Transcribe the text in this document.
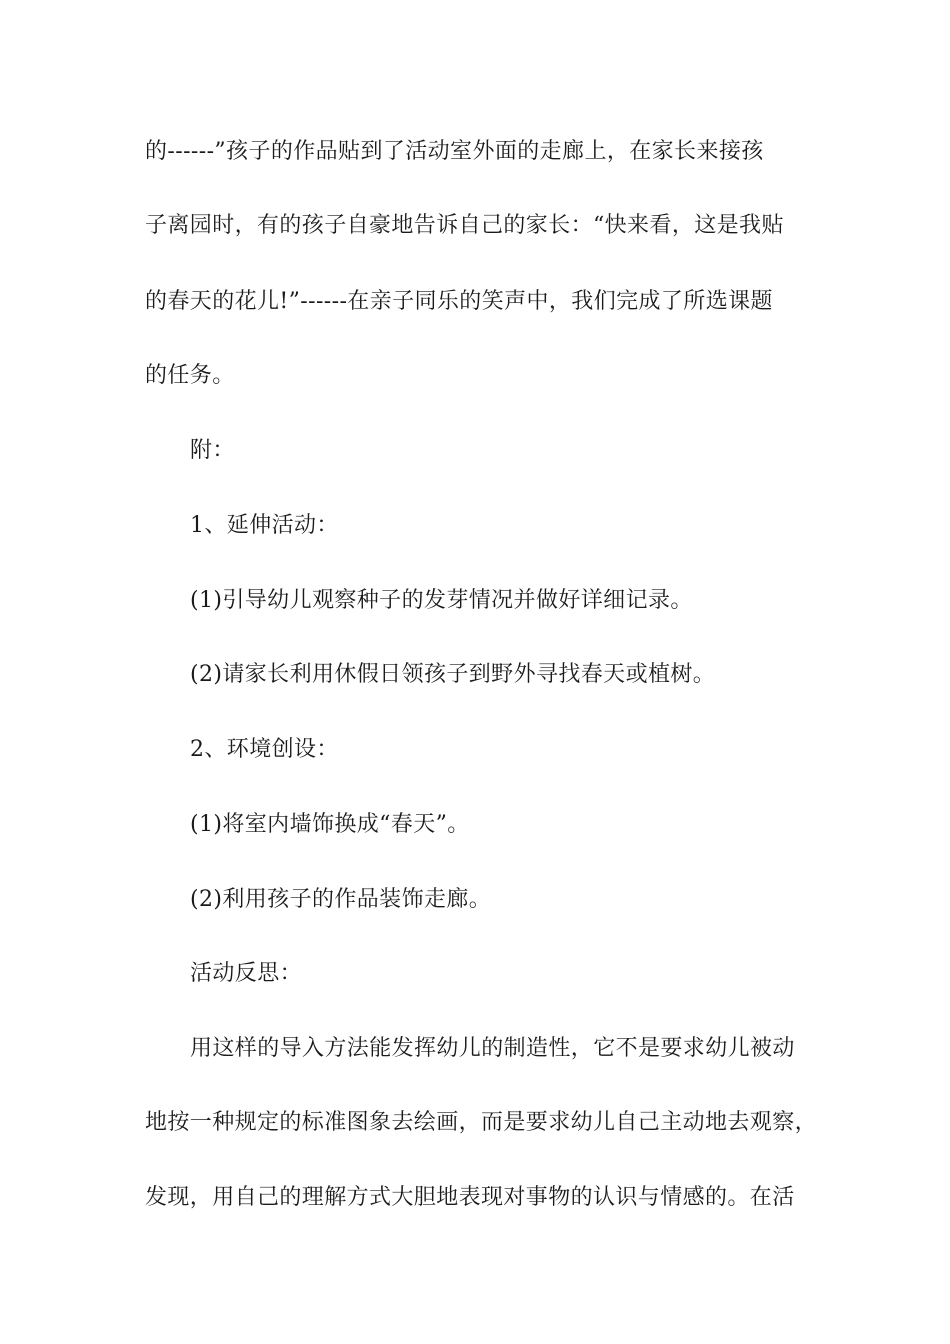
的------”孩子的作品贴到了活动室外面的走廊上，在家长来接孩
子离园时，有的孩子自豪地告诉自己的家长：“快来看，这是我贴
的春天的花儿!”------在亲子同乐的笑声中，我们完成了所选课题
的任务。
附：
1、延伸活动：
(1)引导幼儿观察种子的发芽情况并做好详细记录。
(2)请家长利用休假日领孩子到野外寻找春天或植树。
2、环境创设：
(1)将室内墙饰换成“春天”。
(2)利用孩子的作品装饰走廊。
活动反思：
用这样的导入方法能发挥幼儿的制造性，它不是要求幼儿被动
地按一种规定的标准图象去绘画，而是要求幼儿自己主动地去观察，
发现，用自己的理解方式大胆地表现对事物的认识与情感的。在活
